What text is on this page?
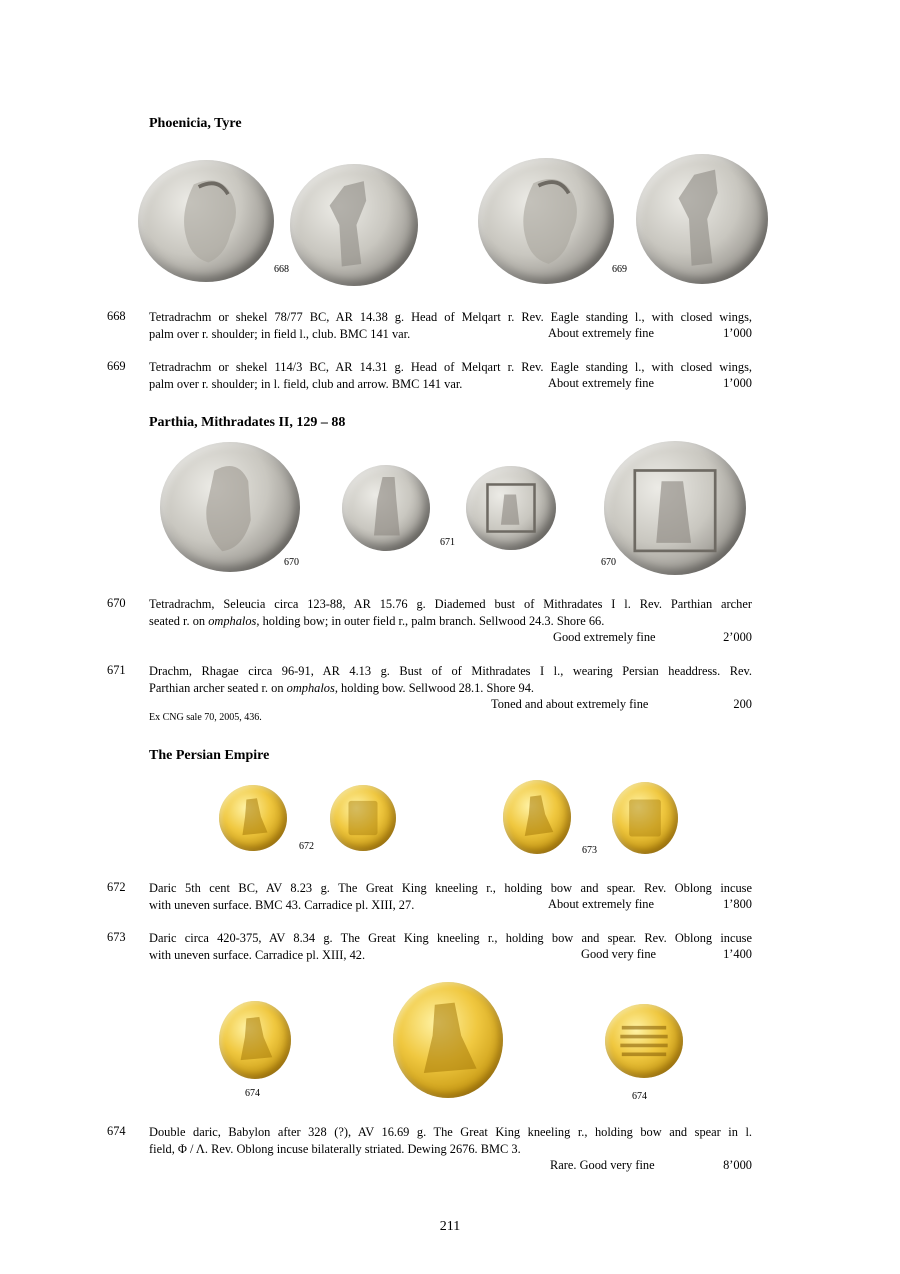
Phoenicia, Tyre
668	669
668 Tetradrachm or shekel 78/77 BC, AR 14.38 g. Head of Melqart r. Rev. Eagle standing l., with closed wings,
palm over r. shoulder; in field l., club. BMC 141 var.	About extremely fine	1’000
669 Tetradrachm or shekel 114/3 BC, AR 14.31 g. Head of Melqart r. Rev. Eagle standing l., with closed wings,
palm over r. shoulder; in l. field, club and arrow. BMC 141 var.	About extremely fine	1’000
Parthia, Mithradates II, 129 – 88
670
671
670
670 Tetradrachm, Seleucia circa 123-88, AR 15.76 g. Diademed bust of Mithradates I l. Rev. Parthian archer
seated r. on omphalos, holding bow; in outer field r., palm branch. Sellwood 24.3. Shore 66.
Good extremely fine	2’000
671 Drachm, Rhagae circa 96-91, AR 4.13 g. Bust of of Mithradates I l., wearing Persian headdress. Rev.
Parthian archer seated r. on omphalos, holding bow. Sellwood 28.1. Shore 94.
Toned and about extremely fine	200
Ex CNG sale 70, 2005, 436.
The Persian Empire
672	673
672 Daric 5th cent BC, AV 8.23 g. The Great King kneeling r., holding bow and spear. Rev. Oblong incuse
with uneven surface. BMC 43. Carradice pl. XIII, 27.	About extremely fine	1’800
673 Daric circa 420-375, AV 8.34 g. The Great King kneeling r., holding bow and spear. Rev. Oblong incuse
with uneven surface. Carradice pl. XIII, 42.	Good very fine	1’400
674	674
674 Double daric, Babylon after 328 (?), AV 16.69 g. The Great King kneeling r., holding bow and spear in l.
field, Φ / Λ. Rev. Oblong incuse bilaterally striated. Dewing 2676. BMC 3.
Rare. Good very fine	8’000
211
